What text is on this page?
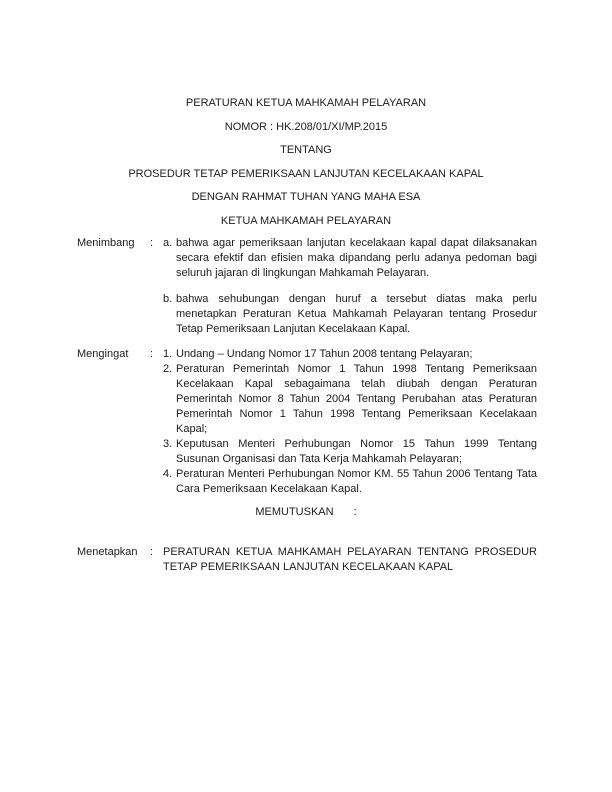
PERATURAN KETUA MAHKAMAH PELAYARAN
NOMOR : HK.208/01/XI/MP.2015
TENTANG
PROSEDUR TETAP PEMERIKSAAN LANJUTAN KECELAKAAN KAPAL
DENGAN RAHMAT TUHAN YANG MAHA ESA
KETUA MAHKAMAH PELAYARAN
Menimbang	: a. bahwa agar pemeriksaan lanjutan kecelakaan kapal dapat dilaksanakan secara efektif dan efisien maka dipandang perlu adanya pedoman bagi seluruh jajaran di lingkungan Mahkamah Pelayaran.
b. bahwa sehubungan dengan huruf a tersebut diatas maka perlu menetapkan Peraturan Ketua Mahkamah Pelayaran tentang Prosedur Tetap Pemeriksaan Lanjutan Kecelakaan Kapal.
Mengingat	: 1. Undang – Undang Nomor 17 Tahun 2008 tentang Pelayaran;
2. Peraturan Pemerintah Nomor 1 Tahun 1998 Tentang Pemeriksaan Kecelakaan Kapal sebagaimana telah diubah dengan Peraturan Pemerintah Nomor 8 Tahun 2004 Tentang Perubahan atas Peraturan Pemerintah Nomor 1 Tahun 1998 Tentang Pemeriksaan Kecelakaan Kapal;
3. Keputusan Menteri Perhubungan Nomor 15 Tahun 1999 Tentang Susunan Organisasi dan Tata Kerja Mahkamah Pelayaran;
4. Peraturan Menteri Perhubungan Nomor KM. 55 Tahun 2006 Tentang Tata Cara Pemeriksaan Kecelakaan Kapal.
MEMUTUSKAN :
Menetapkan	: PERATURAN KETUA MAHKAMAH PELAYARAN TENTANG PROSEDUR TETAP PEMERIKSAAN LANJUTAN KECELAKAAN KAPAL
